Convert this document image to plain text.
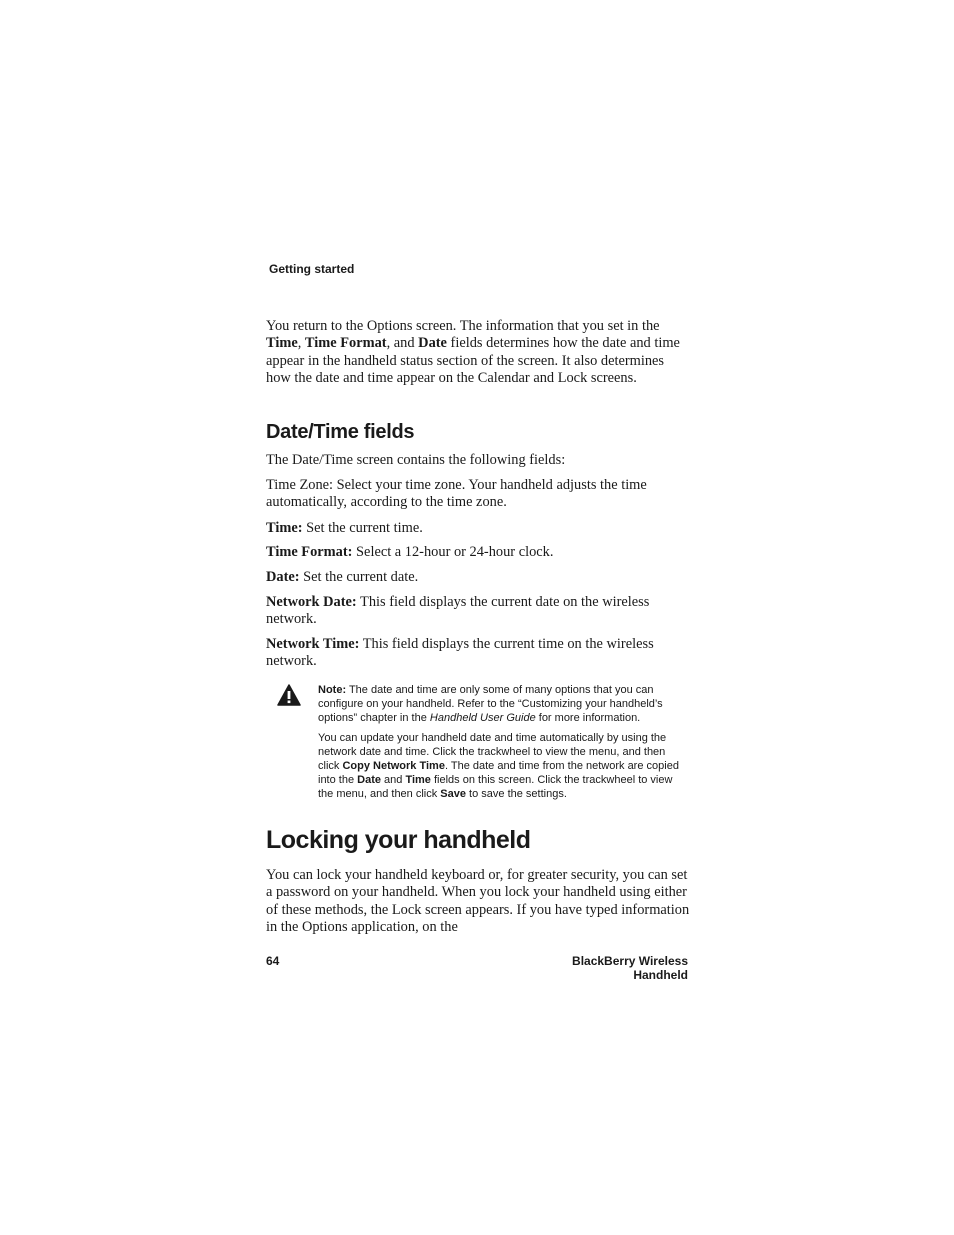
Getting started

You return to the Options screen. The information that you set in the Time, Time Format, and Date fields determines how the date and time appear in the handheld status section of the screen. It also determines how the date and time appear on the Calendar and Lock screens.

Date/Time fields

The Date/Time screen contains the following fields:

Time Zone: Select your time zone. Your handheld adjusts the time automatically, according to the time zone.

Time: Set the current time.

Time Format: Select a 12-hour or 24-hour clock.

Date: Set the current date.

Network Date: This field displays the current date on the wireless network.

Network Time: This field displays the current time on the wireless network.

Note: The date and time are only some of many options that you can configure on your handheld. Refer to the “Customizing your handheld’s options” chapter in the Handheld User Guide for more information.

You can update your handheld date and time automatically by using the network date and time. Click the trackwheel to view the menu, and then click Copy Network Time. The date and time from the network are copied into the Date and Time fields on this screen. Click the trackwheel to view the menu, and then click Save to save the settings.

Locking your handheld

You can lock your handheld keyboard or, for greater security, you can set a password on your handheld. When you lock your handheld using either of these methods, the Lock screen appears. If you have typed information in the Options application, on the

64	BlackBerry Wireless Handheld
